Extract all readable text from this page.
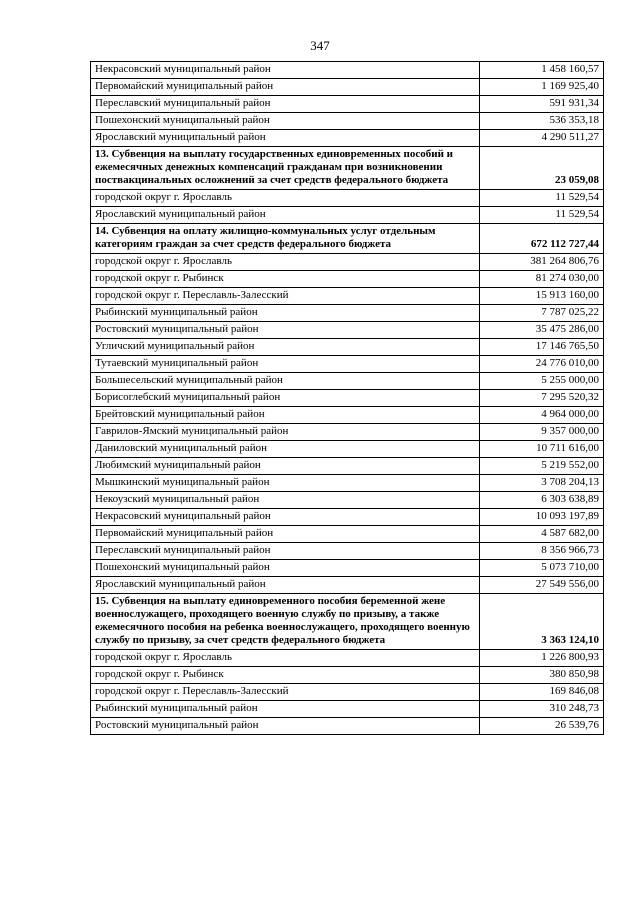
347
Некрасовский муниципальный район	1 458 160,57
Первомайский муниципальный район	1 169 925,40
Переславский муниципальный район	591 931,34
Пошехонский муниципальный район	536 353,18
Ярославский муниципальный район	4 290 511,27
13. Субвенция на выплату государственных единовременных пособий и ежемесячных денежных компенсаций гражданам при возникновении поствакцинальных осложнений за счет средств федерального бюджета	23 059,08
городской округ г. Ярославль	11 529,54
Ярославский муниципальный район	11 529,54
14. Субвенция на оплату жилищно-коммунальных услуг отдельным категориям граждан за счет средств федерального бюджета	672 112 727,44
городской округ г. Ярославль	381 264 806,76
городской округ г. Рыбинск	81 274 030,00
городской округ г. Переславль-Залесский	15 913 160,00
Рыбинский муниципальный район	7 787 025,22
Ростовский муниципальный район	35 475 286,00
Угличский муниципальный район	17 146 765,50
Тутаевский муниципальный район	24 776 010,00
Большесельский муниципальный район	5 255 000,00
Борисоглебский муниципальный район	7 295 520,32
Брейтовский муниципальный район	4 964 000,00
Гаврилов-Ямский муниципальный район	9 357 000,00
Даниловский муниципальный район	10 711 616,00
Любимский муниципальный район	5 219 552,00
Мышкинский муниципальный район	3 708 204,13
Некоузский муниципальный район	6 303 638,89
Некрасовский муниципальный район	10 093 197,89
Первомайский муниципальный район	4 587 682,00
Переславский муниципальный район	8 356 966,73
Пошехонский муниципальный район	5 073 710,00
Ярославский муниципальный район	27 549 556,00
15. Субвенция на выплату единовременного пособия беременной жене военнослужащего, проходящего военную службу по призыву, а также ежемесячного пособия на ребенка военнослужащего, проходящего военную службу по призыву, за счет средств федерального бюджета	3 363 124,10
городской округ г. Ярославль	1 226 800,93
городской округ г. Рыбинск	380 850,98
городской округ г. Переславль-Залесский	169 846,08
Рыбинский муниципальный район	310 248,73
Ростовский муниципальный район	26 539,76
